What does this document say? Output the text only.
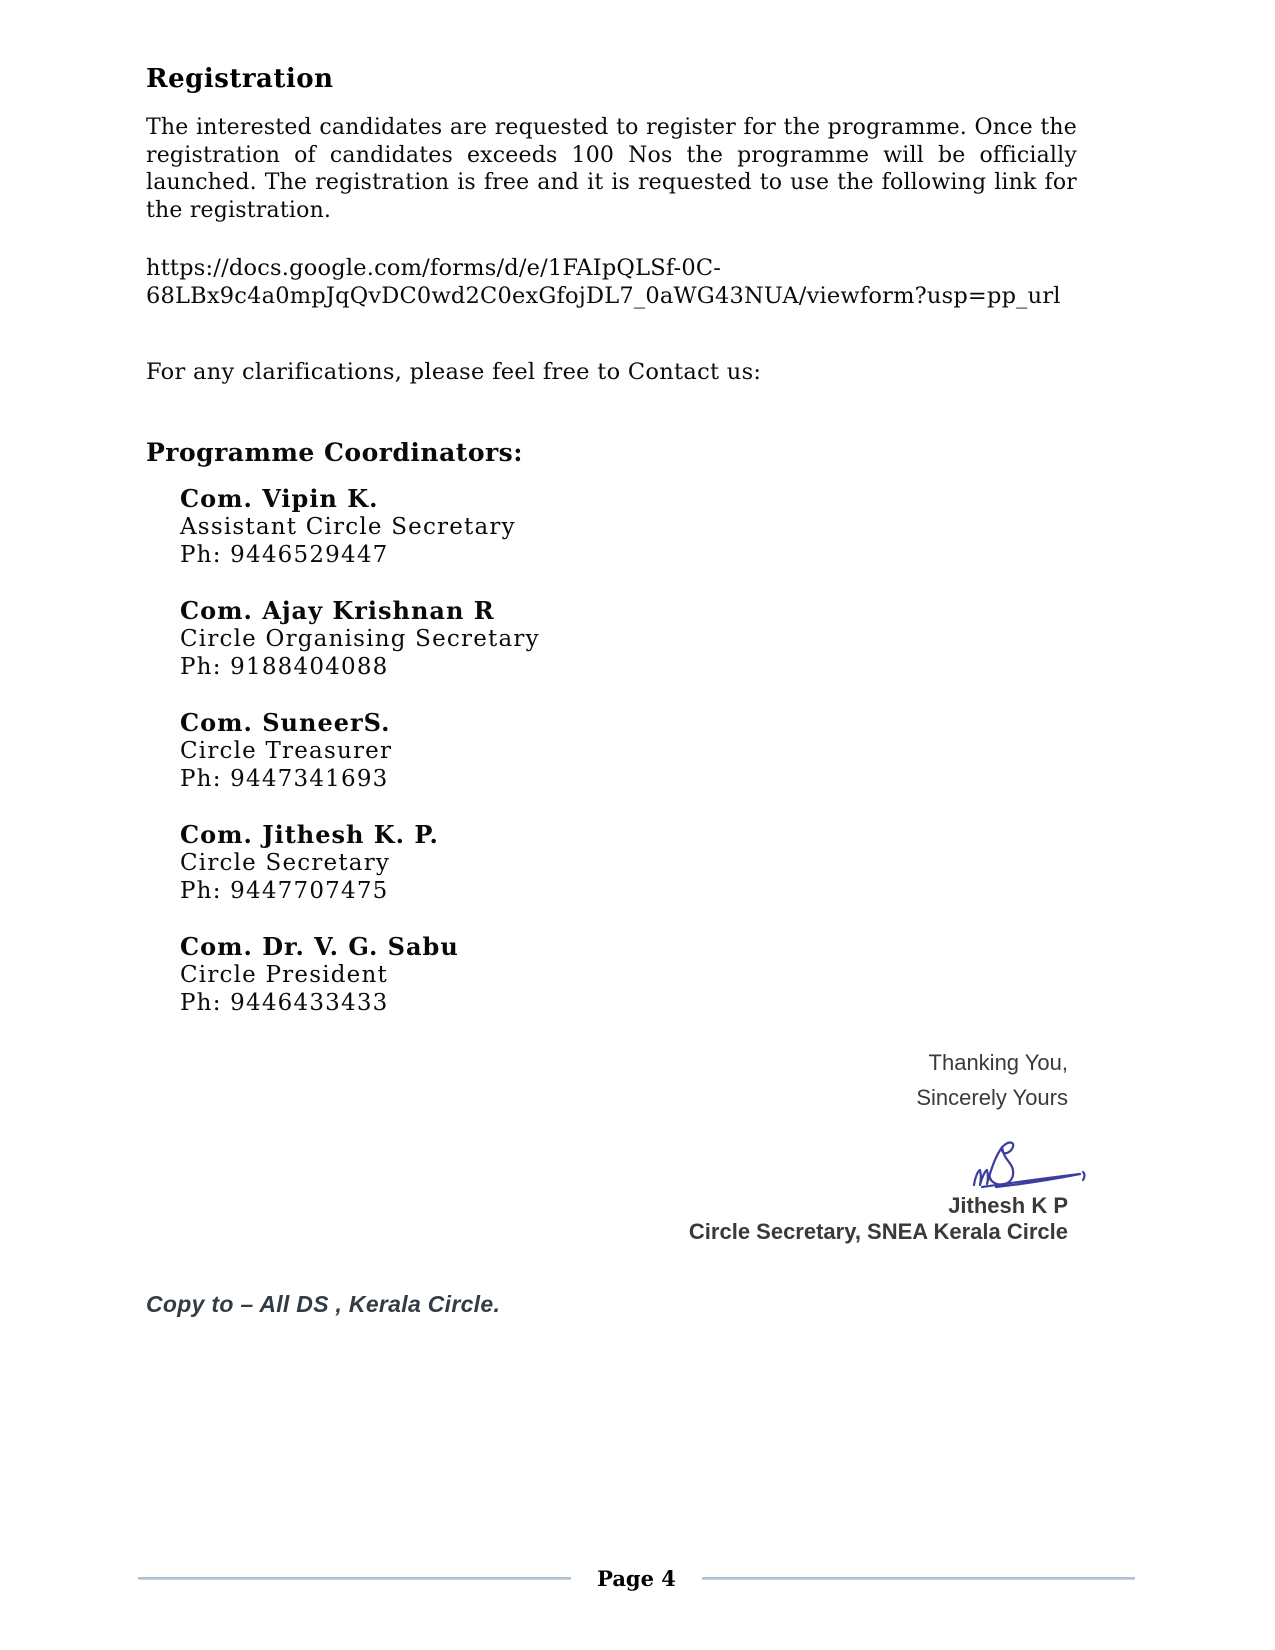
Registration

The interested candidates are requested to register for the programme. Once the registration of candidates exceeds 100 Nos the programme will be officially launched. The registration is free and it is requested to use the following link for the registration.

https://docs.google.com/forms/d/e/1FAIpQLSf-0C-68LBx9c4a0mpJqQvDC0wd2C0exGfojDL7_0aWG43NUA/viewform?usp=pp_url

For any clarifications, please feel free to Contact us:

Programme Coordinators:
Com. Vipin K.
Assistant Circle Secretary
Ph: 9446529447
Com. Ajay Krishnan R
Circle Organising Secretary
Ph: 9188404088
Com. SuneerS.
Circle Treasurer
Ph: 9447341693
Com. Jithesh K. P.
Circle Secretary
Ph: 9447707475
Com. Dr. V. G. Sabu
Circle President
Ph: 9446433433
Thanking You,
Sincerely Yours
Jithesh K P
Circle Secretary, SNEA Kerala Circle

Copy to – All DS , Kerala Circle.

Page 4
